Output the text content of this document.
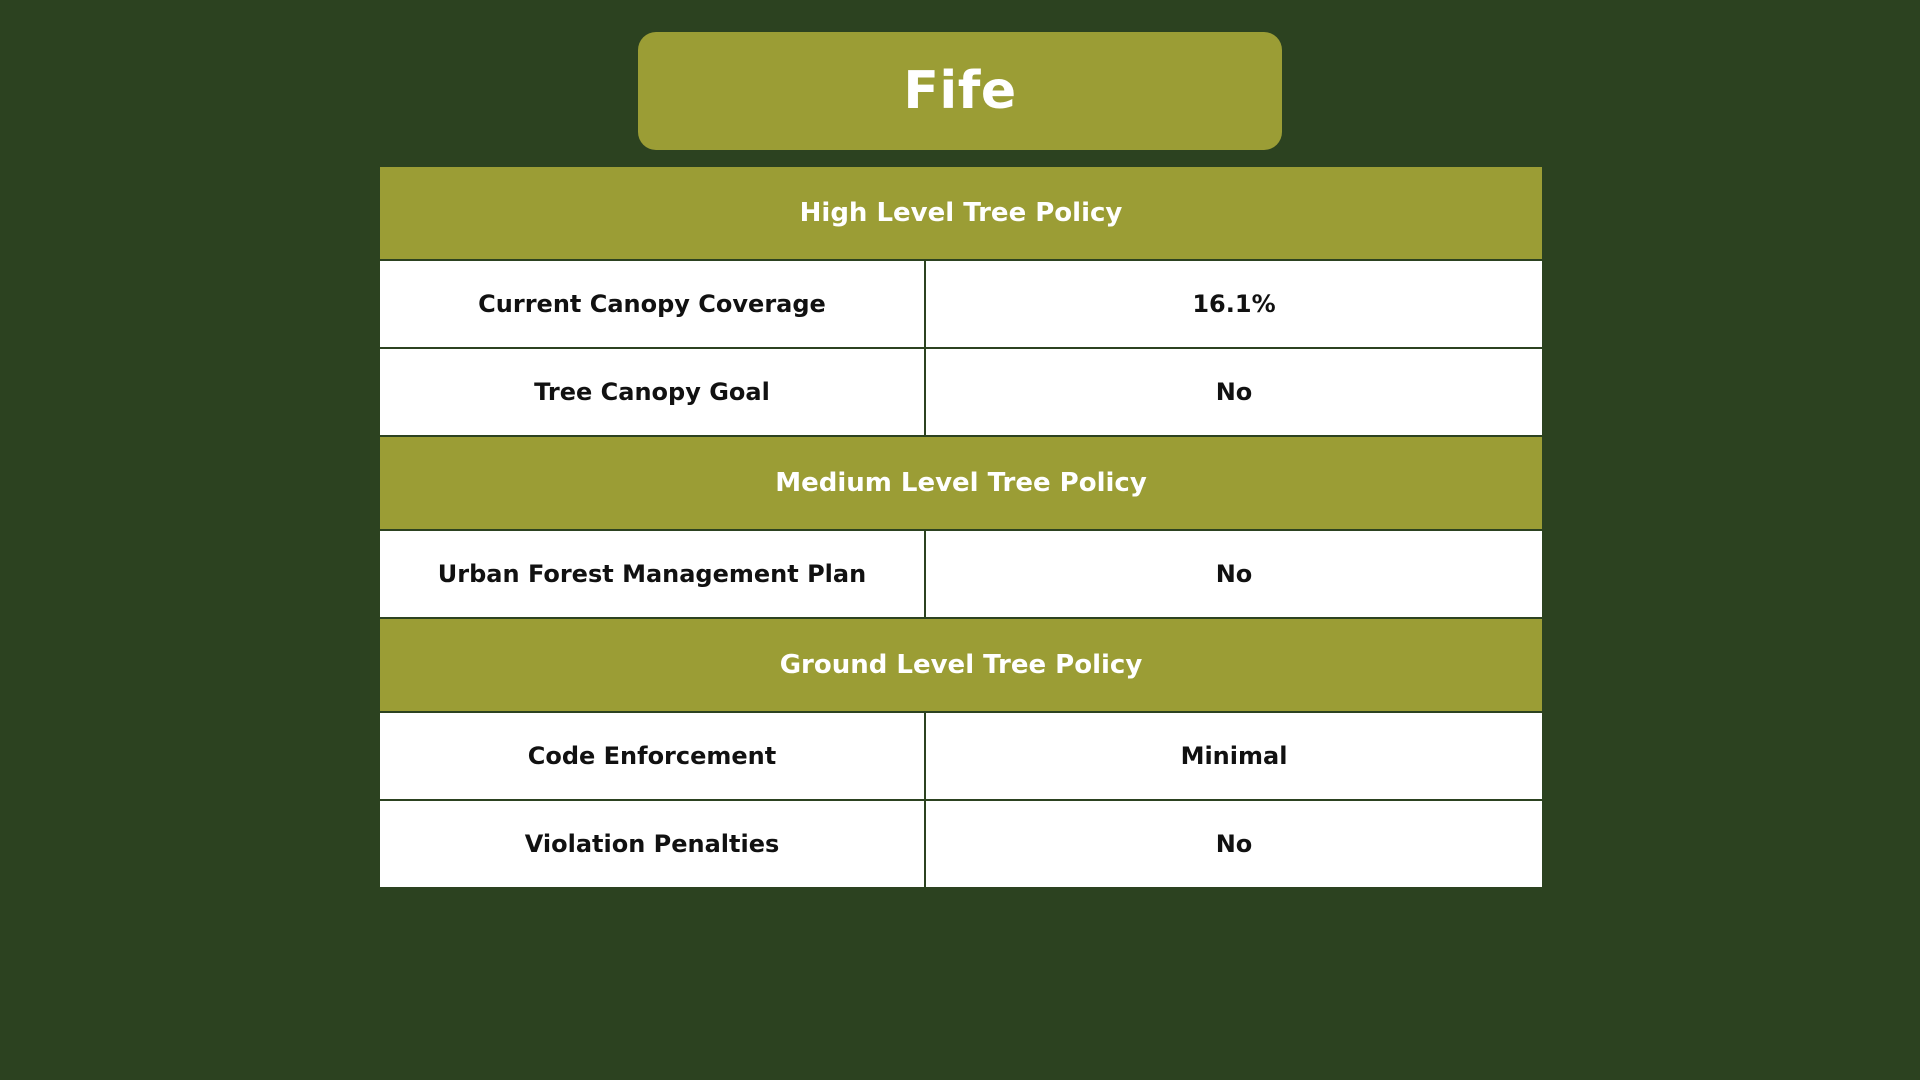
Fife
High Level Tree Policy	
Current Canopy Coverage	16.1%
Tree Canopy Goal	No
Medium Level Tree Policy	
Urban Forest Management Plan	No
Ground Level Tree Policy	
Code Enforcement	Minimal
Violation Penalties	No
